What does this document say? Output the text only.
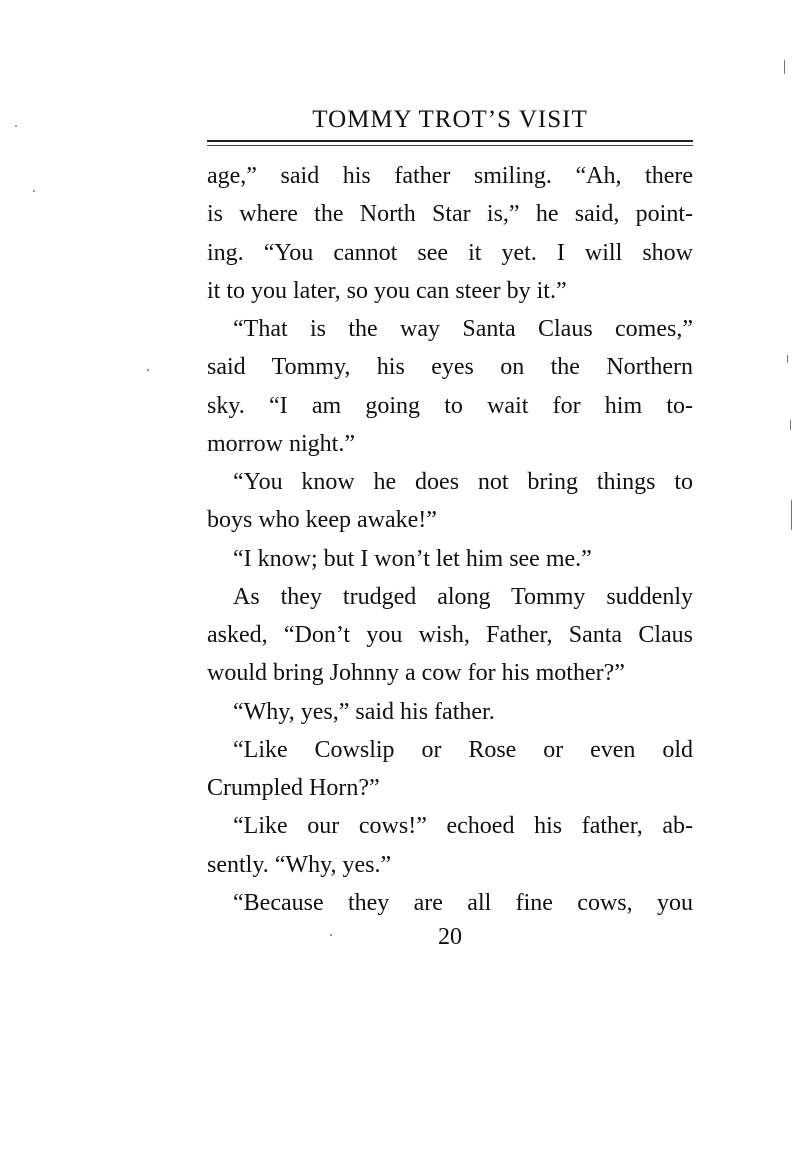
TOMMY TROT’S VISIT
age,” said his father smiling. “Ah, there
is where the North Star is,” he said, point-
ing. “You cannot see it yet. I will show
it to you later, so you can steer by it.”
“That is the way Santa Claus comes,”
said Tommy, his eyes on the Northern
sky. “I am going to wait for him to-
morrow night.”
“You know he does not bring things to
boys who keep awake!”
“I know; but I won’t let him see me.”
As they trudged along Tommy suddenly
asked, “Don’t you wish, Father, Santa Claus
would bring Johnny a cow for his mother?”
“Why, yes,” said his father.
“Like Cowslip or Rose or even old
Crumpled Horn?”
“Like our cows!” echoed his father, ab-
sently. “Why, yes.”
“Because they are all fine cows, you
20
